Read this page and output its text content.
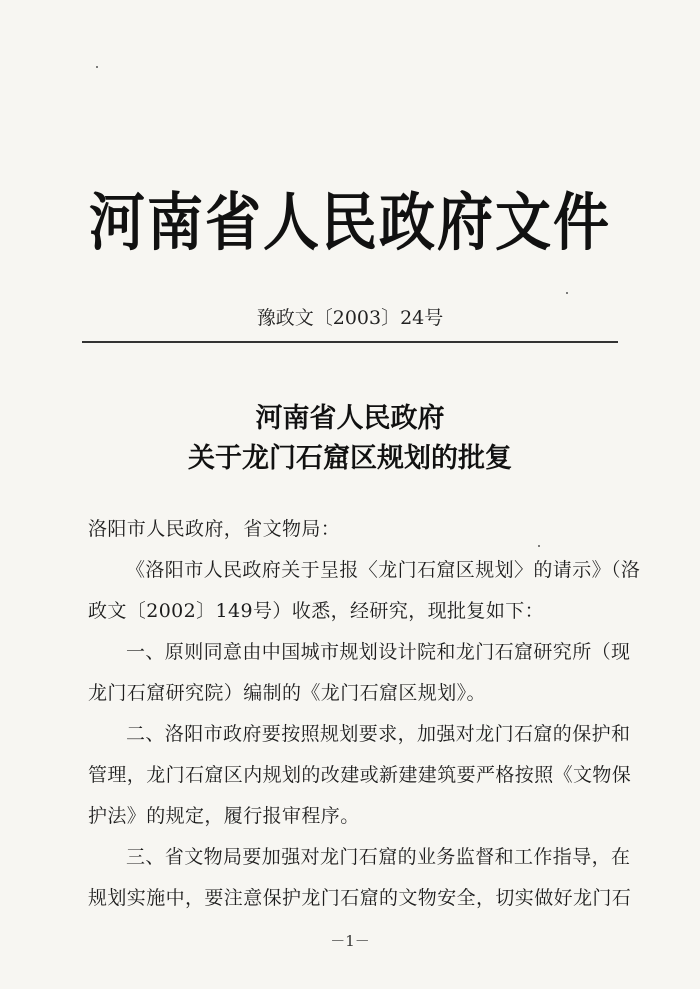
河南省人民政府文件
豫政文〔2003〕24号
河南省人民政府
关于龙门石窟区规划的批复
洛阳市人民政府，省文物局：
《洛阳市人民政府关于呈报〈龙门石窟区规划〉的请示》（洛
政文〔2002〕149号）收悉，经研究，现批复如下：
一、原则同意由中国城市规划设计院和龙门石窟研究所（现
龙门石窟研究院）编制的《龙门石窟区规划》。
二、洛阳市政府要按照规划要求，加强对龙门石窟的保护和
管理，龙门石窟区内规划的改建或新建建筑要严格按照《文物保
护法》的规定，履行报审程序。
三、省文物局要加强对龙门石窟的业务监督和工作指导，在
规划实施中，要注意保护龙门石窟的文物安全，切实做好龙门石
－1－
